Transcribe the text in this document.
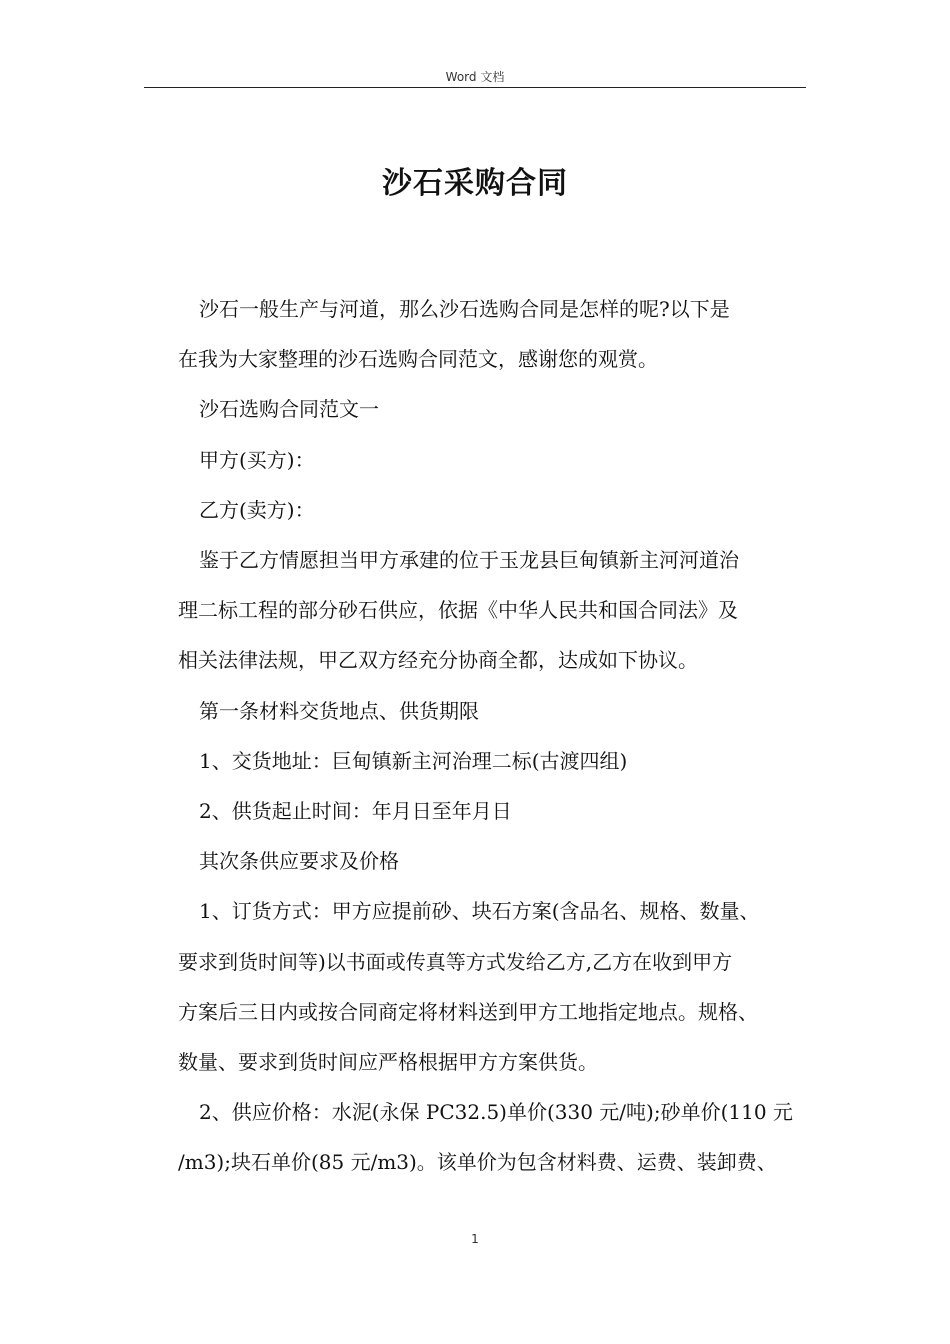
Word 文档
沙石采购合同

沙石一般生产与河道，那么沙石选购合同是怎样的呢?以下是

在我为大家整理的沙石选购合同范文，感谢您的观赏。

沙石选购合同范文一

甲方(买方)：

乙方(卖方)：

鉴于乙方情愿担当甲方承建的位于玉龙县巨甸镇新主河河道治

理二标工程的部分砂石供应，依据《中华人民共和国合同法》及

相关法律法规，甲乙双方经充分协商全都，达成如下协议。

第一条材料交货地点、供货期限

1、交货地址：巨甸镇新主河治理二标(古渡四组)

2、供货起止时间：年月日至年月日

其次条供应要求及价格

1、订货方式：甲方应提前砂、块石方案(含品名、规格、数量、

要求到货时间等)以书面或传真等方式发给乙方,乙方在收到甲方

方案后三日内或按合同商定将材料送到甲方工地指定地点。规格、

数量、要求到货时间应严格根据甲方方案供货。

2、供应价格：水泥(永保 PC32.5)单价(330 元/吨);砂单价(110 元

/m3);块石单价(85 元/m3)。该单价为包含材料费、运费、装卸费、

1
